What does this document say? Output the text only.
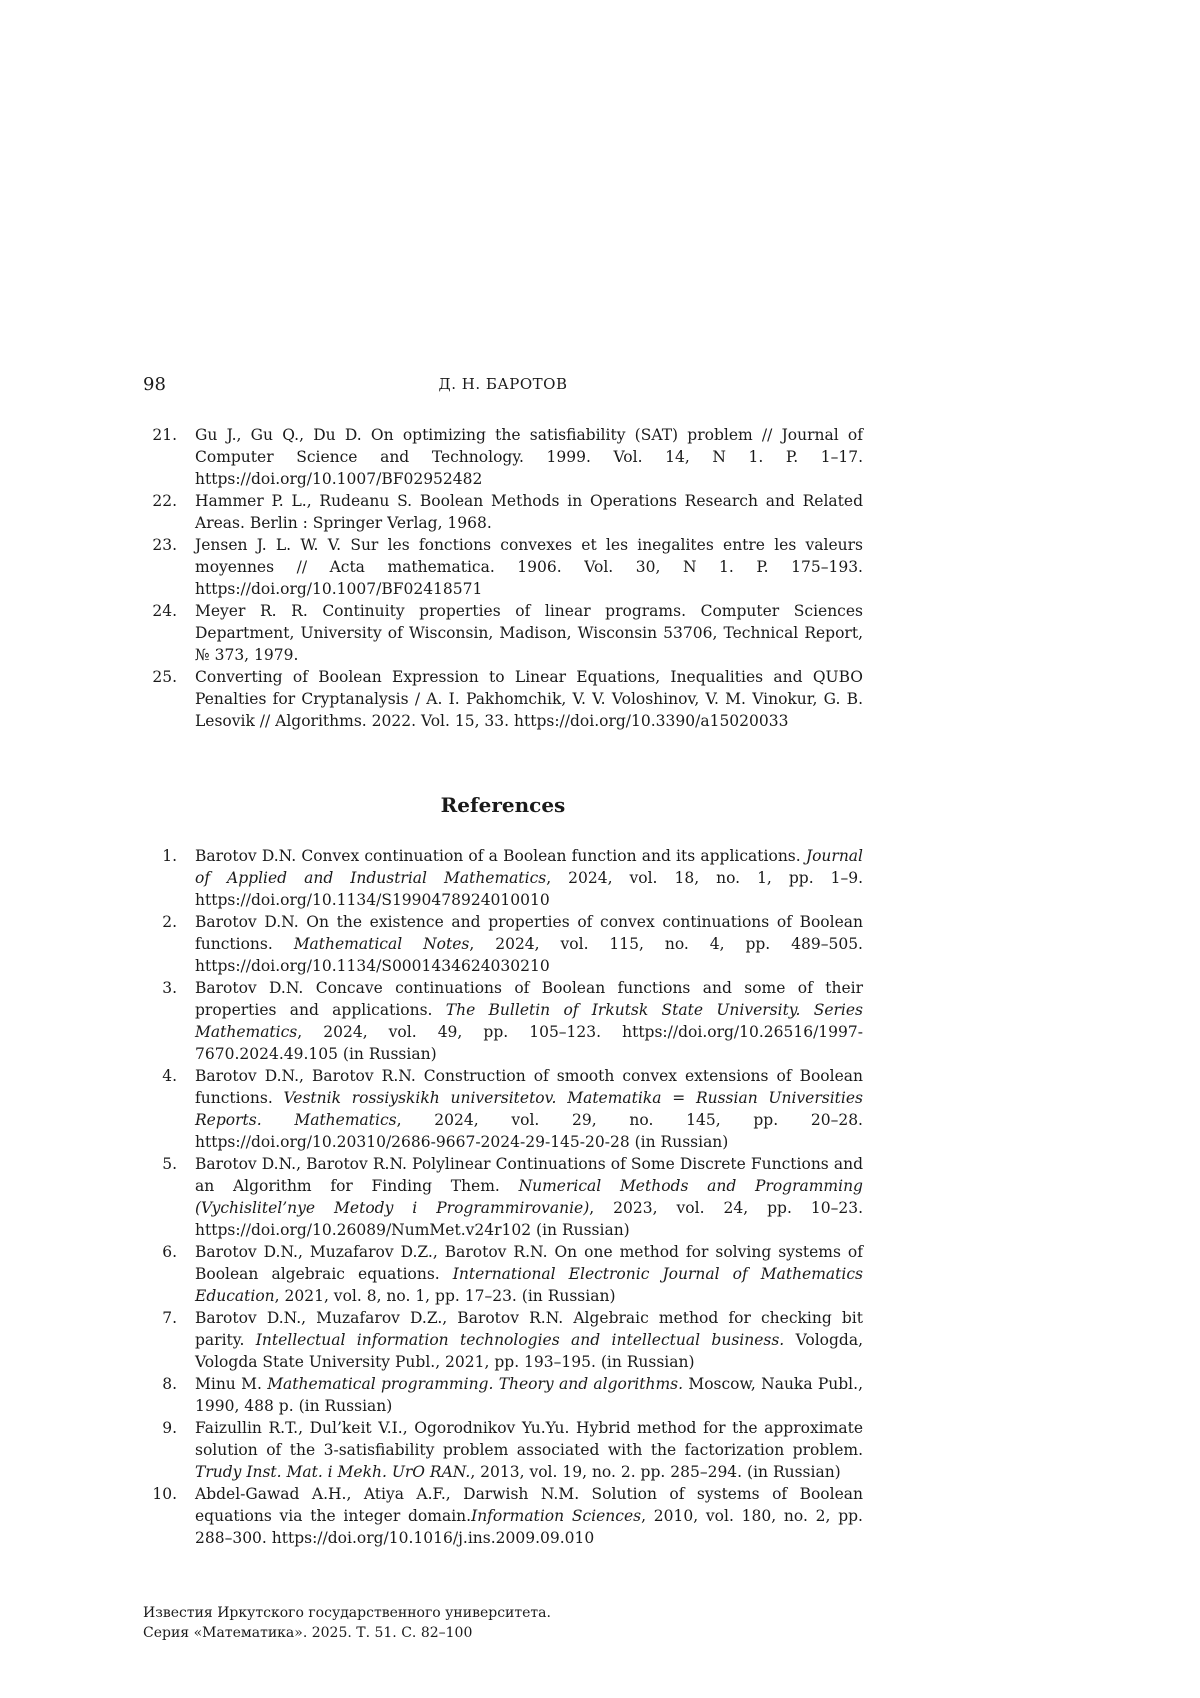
98	Д. Н. БАРОТОВ
21. Gu J., Gu Q., Du D. On optimizing the satisfiability (SAT) problem // Journal of Computer Science and Technology. 1999. Vol. 14, N 1. P. 1–17. https://doi.org/10.1007/BF02952482
22. Hammer P. L., Rudeanu S. Boolean Methods in Operations Research and Related Areas. Berlin : Springer Verlag, 1968.
23. Jensen J. L. W. V. Sur les fonctions convexes et les inegalites entre les valeurs moyennes // Acta mathematica. 1906. Vol. 30, N 1. P. 175–193. https://doi.org/10.1007/BF02418571
24. Meyer R. R. Continuity properties of linear programs. Computer Sciences Department, University of Wisconsin, Madison, Wisconsin 53706, Technical Report, № 373, 1979.
25. Converting of Boolean Expression to Linear Equations, Inequalities and QUBO Penalties for Cryptanalysis / A. I. Pakhomchik, V. V. Voloshinov, V. M. Vinokur, G. B. Lesovik // Algorithms. 2022. Vol. 15, 33. https://doi.org/10.3390/a15020033
References
1. Barotov D.N. Convex continuation of a Boolean function and its applications. Journal of Applied and Industrial Mathematics, 2024, vol. 18, no. 1, pp. 1–9. https://doi.org/10.1134/S1990478924010010
2. Barotov D.N. On the existence and properties of convex continuations of Boolean functions. Mathematical Notes, 2024, vol. 115, no. 4, pp. 489–505. https://doi.org/10.1134/S0001434624030210
3. Barotov D.N. Concave continuations of Boolean functions and some of their properties and applications. The Bulletin of Irkutsk State University. Series Mathematics, 2024, vol. 49, pp. 105–123. https://doi.org/10.26516/1997-7670.2024.49.105 (in Russian)
4. Barotov D.N., Barotov R.N. Construction of smooth convex extensions of Boolean functions. Vestnik rossiyskikh universitetov. Matematika = Russian Universities Reports. Mathematics, 2024, vol. 29, no. 145, pp. 20–28. https://doi.org/10.20310/2686-9667-2024-29-145-20-28 (in Russian)
5. Barotov D.N., Barotov R.N. Polylinear Continuations of Some Discrete Functions and an Algorithm for Finding Them. Numerical Methods and Programming (Vychislitel’nye Metody i Programmirovanie), 2023, vol. 24, pp. 10–23. https://doi.org/10.26089/NumMet.v24r102 (in Russian)
6. Barotov D.N., Muzafarov D.Z., Barotov R.N. On one method for solving systems of Boolean algebraic equations. International Electronic Journal of Mathematics Education, 2021, vol. 8, no. 1, pp. 17–23. (in Russian)
7. Barotov D.N., Muzafarov D.Z., Barotov R.N. Algebraic method for checking bit parity. Intellectual information technologies and intellectual business. Vologda, Vologda State University Publ., 2021, pp. 193–195. (in Russian)
8. Minu M. Mathematical programming. Theory and algorithms. Moscow, Nauka Publ., 1990, 488 p. (in Russian)
9. Faizullin R.T., Dul’keit V.I., Ogorodnikov Yu.Yu. Hybrid method for the approximate solution of the 3-satisfiability problem associated with the factorization problem. Trudy Inst. Mat. i Mekh. UrO RAN., 2013, vol. 19, no. 2. pp. 285–294. (in Russian)
10. Abdel-Gawad A.H., Atiya A.F., Darwish N.M. Solution of systems of Boolean equations via the integer domain.Information Sciences, 2010, vol. 180, no. 2, pp. 288–300. https://doi.org/10.1016/j.ins.2009.09.010
Известия Иркутского государственного университета.
Серия «Математика». 2025. Т. 51. С. 82–100
